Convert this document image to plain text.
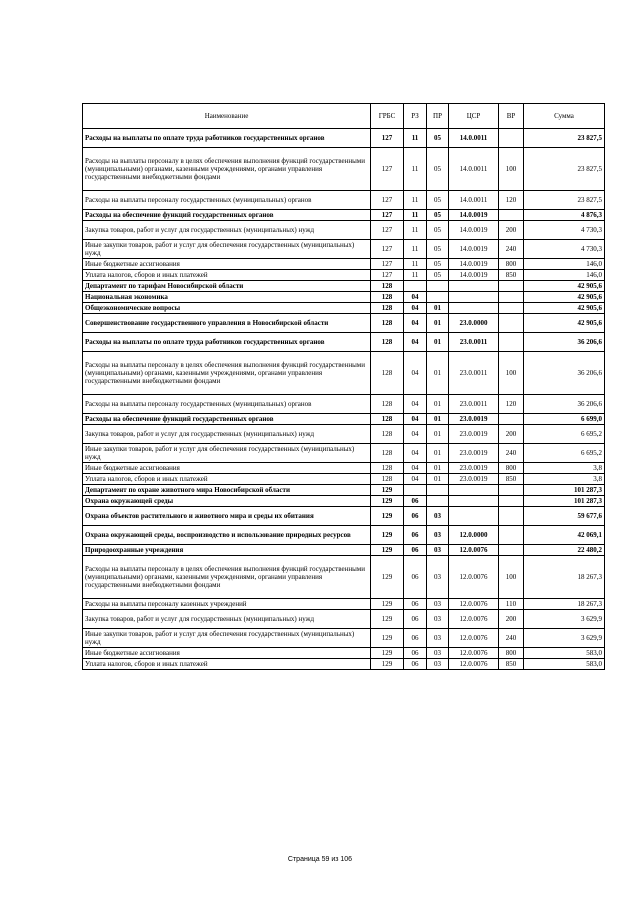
Наименование	ГРБС	РЗ	ПР	ЦСР	ВР	Сумма
Расходы на выплаты по оплате труда работников государственных органов	127	11	05	14.0.0011		23 827,5
Расходы на выплаты персоналу в целях обеспечения выполнения функций государственными (муниципальными) органами, казенными учреждениями, органами управления государственными внебюджетными фондами	127	11	05	14.0.0011	100	23 827,5
Расходы на выплаты персоналу государственных (муниципальных) органов	127	11	05	14.0.0011	120	23 827,5
Расходы на обеспечение функций государственных органов	127	11	05	14.0.0019		4 876,3
Закупка товаров, работ и услуг для государственных (муниципальных) нужд	127	11	05	14.0.0019	200	4 730,3
Иные закупки товаров, работ и услуг для обеспечения государственных (муниципальных) нужд	127	11	05	14.0.0019	240	4 730,3
Иные бюджетные ассигнования	127	11	05	14.0.0019	800	146,0
Уплата налогов, сборов и иных платежей	127	11	05	14.0.0019	850	146,0
Департамент по тарифам Новосибирской области	128					42 905,6
Национальная экономика	128	04				42 905,6
Общеэкономические вопросы	128	04	01			42 905,6
Совершенствование государственного управления в Новосибирской области	128	04	01	23.0.0000		42 905,6
Расходы на выплаты по оплате труда работников государственных органов	128	04	01	23.0.0011		36 206,6
Расходы на выплаты персоналу в целях обеспечения выполнения функций государственными (муниципальными) органами, казенными учреждениями, органами управления государственными внебюджетными фондами	128	04	01	23.0.0011	100	36 206,6
Расходы на выплаты персоналу государственных (муниципальных) органов	128	04	01	23.0.0011	120	36 206,6
Расходы на обеспечение функций государственных органов	128	04	01	23.0.0019		6 699,0
Закупка товаров, работ и услуг для государственных (муниципальных) нужд	128	04	01	23.0.0019	200	6 695,2
Иные закупки товаров, работ и услуг для обеспечения государственных (муниципальных) нужд	128	04	01	23.0.0019	240	6 695,2
Иные бюджетные ассигнования	128	04	01	23.0.0019	800	3,8
Уплата налогов, сборов и иных платежей	128	04	01	23.0.0019	850	3,8
Департамент по охране животного мира Новосибирской области	129					101 287,3
Охрана окружающей среды	129	06				101 287,3
Охрана объектов растительного и животного мира и среды их обитания	129	06	03			59 677,6
Охрана окружающей среды, воспроизводство и использование природных ресурсов	129	06	03	12.0.0000		42 069,1
Природоохранные учреждения	129	06	03	12.0.0076		22 480,2
Расходы на выплаты персоналу в целях обеспечения выполнения функций государственными (муниципальными) органами, казенными учреждениями, органами управления государственными внебюджетными фондами	129	06	03	12.0.0076	100	18 267,3
Расходы на выплаты персоналу казенных учреждений	129	06	03	12.0.0076	110	18 267,3
Закупка товаров, работ и услуг для государственных (муниципальных) нужд	129	06	03	12.0.0076	200	3 629,9
Иные закупки товаров, работ и услуг для обеспечения государственных (муниципальных) нужд	129	06	03	12.0.0076	240	3 629,9
Иные бюджетные ассигнования	129	06	03	12.0.0076	800	583,0
Уплата налогов, сборов и иных платежей	129	06	03	12.0.0076	850	583,0
Страница 59 из 106
